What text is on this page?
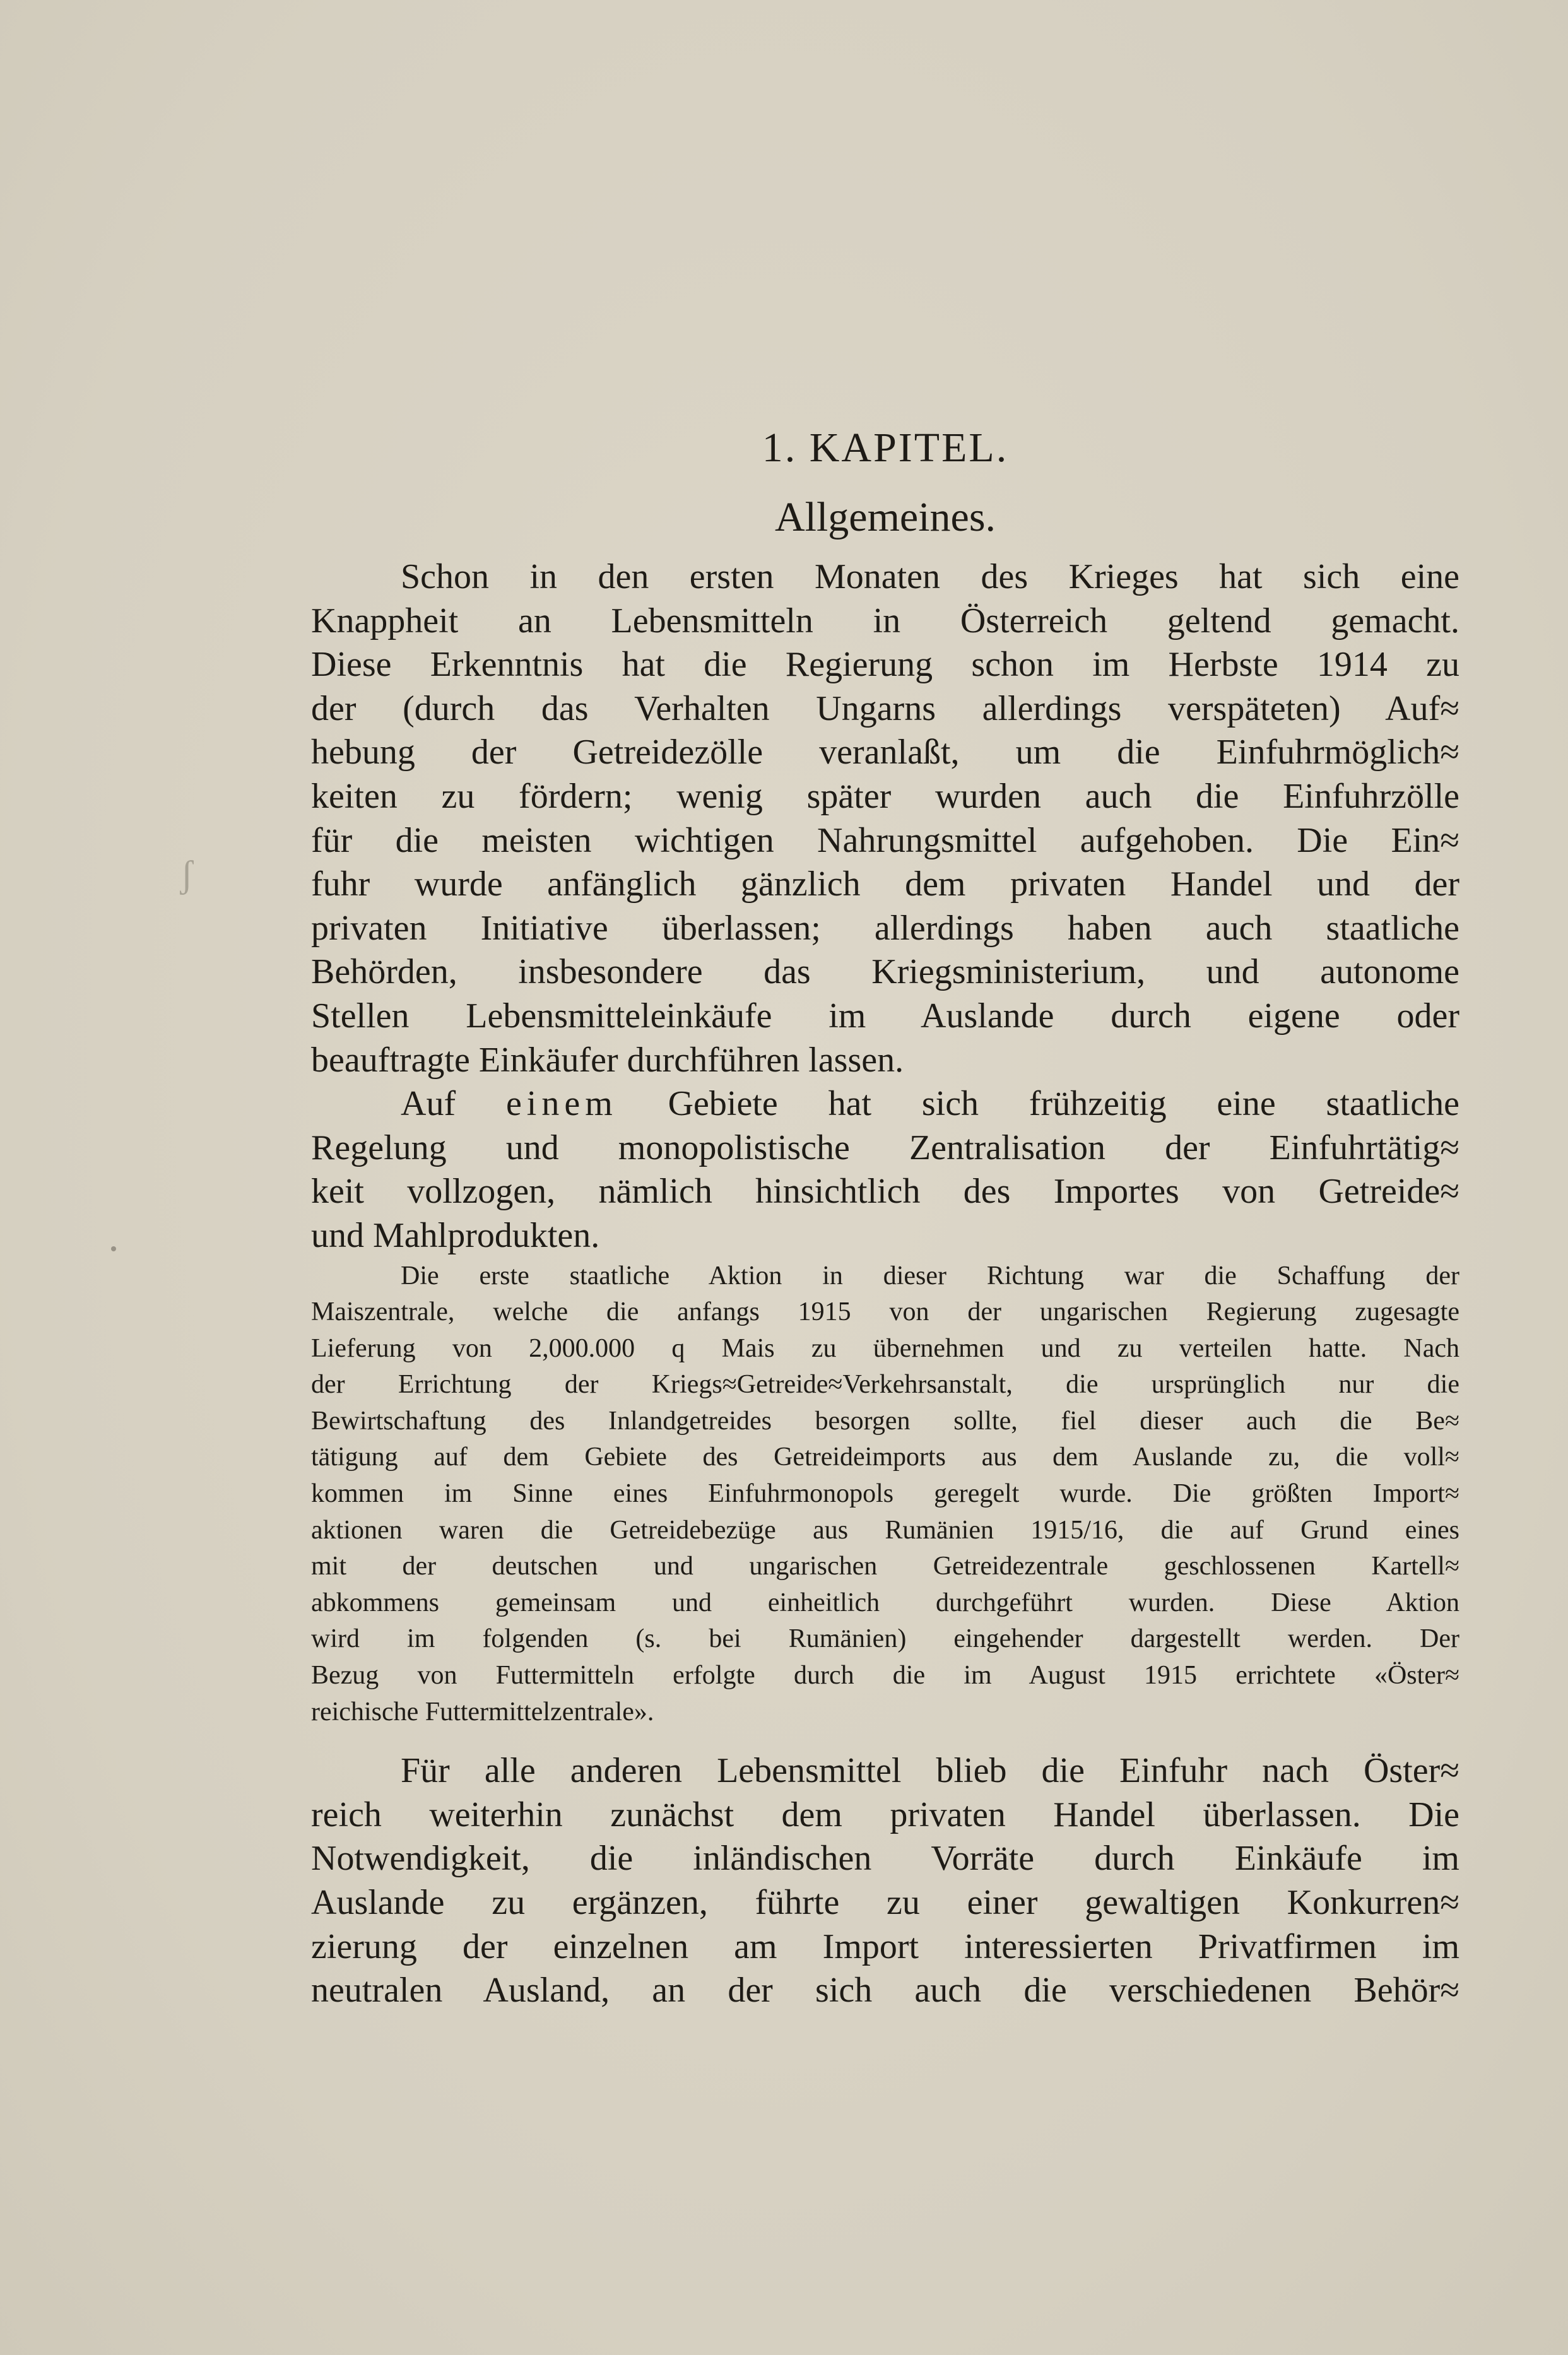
ʃ
1. KAPITEL.
Allgemeines.

Schon in den ersten Monaten des Krieges hat sich eine
Knappheit an Lebensmitteln in Österreich geltend gemacht.
Diese Erkenntnis hat die Regierung schon im Herbste 1914 zu
der (durch das Verhalten Ungarns allerdings verspäteten) Auf≈
hebung der Getreidezölle veranlaßt, um die Einfuhrmöglich≈
keiten zu fördern; wenig später wurden auch die Einfuhrzölle
für die meisten wichtigen Nahrungsmittel aufgehoben. Die Ein≈
fuhr wurde anfänglich gänzlich dem privaten Handel und der
privaten Initiative überlassen; allerdings haben auch staatliche
Behörden, insbesondere das Kriegsministerium, und autonome
Stellen Lebensmitteleinkäufe im Auslande durch eigene oder
beauftragte Einkäufer durchführen lassen.

Auf einem Gebiete hat sich frühzeitig eine staatliche
Regelung und monopolistische Zentralisation der Einfuhrtätig≈
keit vollzogen, nämlich hinsichtlich des Importes von Getreide≈
und Mahlprodukten.

Die erste staatliche Aktion in dieser Richtung war die Schaffung der
Maiszentrale, welche die anfangs 1915 von der ungarischen Regierung zugesagte
Lieferung von 2,000.000 q Mais zu übernehmen und zu verteilen hatte. Nach
der Errichtung der Kriegs≈Getreide≈Verkehrsanstalt, die ursprünglich nur die
Bewirtschaftung des Inlandgetreides besorgen sollte, fiel dieser auch die Be≈
tätigung auf dem Gebiete des Getreideimports aus dem Auslande zu, die voll≈
kommen im Sinne eines Einfuhrmonopols geregelt wurde. Die größten Import≈
aktionen waren die Getreidebezüge aus Rumänien 1915/16, die auf Grund eines
mit der deutschen und ungarischen Getreidezentrale geschlossenen Kartell≈
abkommens gemeinsam und einheitlich durchgeführt wurden. Diese Aktion
wird im folgenden (s. bei Rumänien) eingehender dargestellt werden. Der
Bezug von Futtermitteln erfolgte durch die im August 1915 errichtete «Öster≈
reichische Futtermittelzentrale».

Für alle anderen Lebensmittel blieb die Einfuhr nach Öster≈
reich weiterhin zunächst dem privaten Handel überlassen. Die
Notwendigkeit, die inländischen Vorräte durch Einkäufe im
Auslande zu ergänzen, führte zu einer gewaltigen Konkurren≈
zierung der einzelnen am Import interessierten Privatfirmen im
neutralen Ausland, an der sich auch die verschiedenen Behör≈
